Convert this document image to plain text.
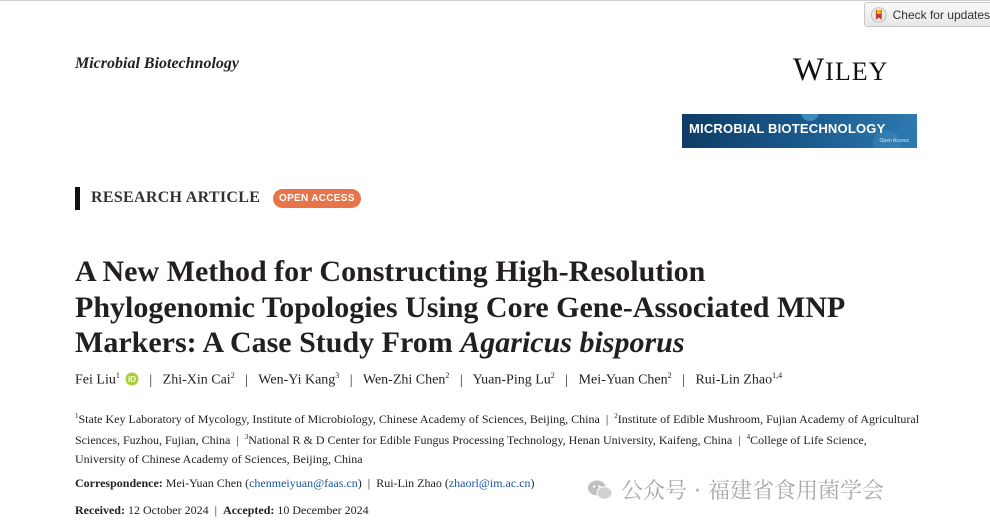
Check for updates
Microbial Biotechnology	WILEY
MICROBIAL BIOTECHNOLOGY
Open Access
RESEARCH ARTICLE	OPEN ACCESS
A New Method for Constructing High-Resolution
Phylogenomic Topologies Using Core Gene-Associated MNP
Markers: A Case Study From Agaricus bisporus
Fei Liu$^1$ iD | Zhi-Xin Cai$^2$ | Wen-Yi Kang$^3$ | Wen-Zhi Chen$^2$ | Yuan-Ping Lu$^2$ | Mei-Yuan Chen$^2$ | Rui-Lin Zhao$^{1,4}$
$^1$State Key Laboratory of Mycology, Institute of Microbiology, Chinese Academy of Sciences, Beijing, China  |  $^2$Institute of Edible Mushroom, Fujian Academy of Agricultural Sciences, Fuzhou, Fujian, China  |  $^3$National R & D Center for Edible Fungus Processing Technology, Henan University, Kaifeng, China  |  $^4$College of Life Science, University of Chinese Academy of Sciences, Beijing, China
Correspondence: Mei-Yuan Chen (chenmeiyuan@faas.cn)  |  Rui-Lin Zhao (zhaorl@im.ac.cn)
Received: 12 October 2024  |  Accepted: 10 December 2024
公众号 · 福建省食用菌学会
